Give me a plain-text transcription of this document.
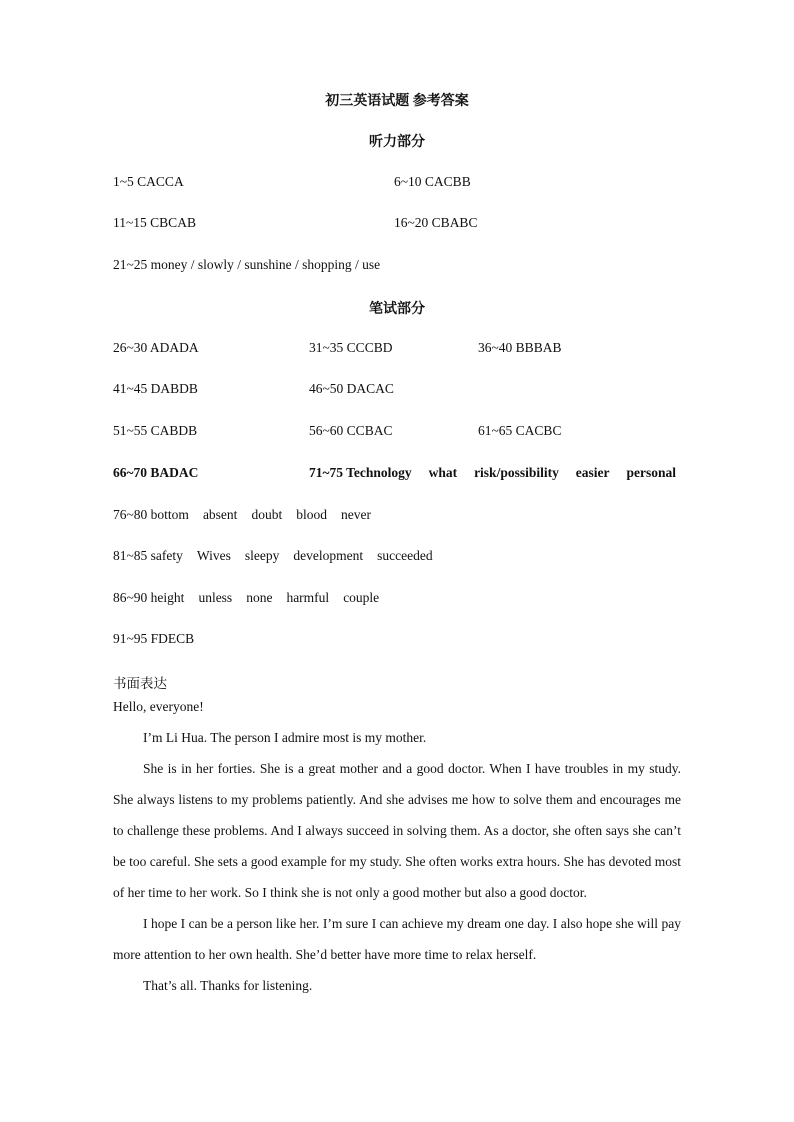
初三英语试题 参考答案
听力部分
1~5 CACCA	6~10 CACBB
11~15 CBCAB	16~20 CBABC
21~25 money / slowly / sunshine / shopping / use
笔试部分
26~30 ADADA	31~35 CCCBD	36~40 BBBAB
41~45 DABDB	46~50 DACAC
51~55 CABDB	56~60 CCBAC	61~65 CACBC
66~70 BADAC	71~75 Technology what risk/possibility easier personal
76~80 bottom absent doubt blood never
81~85 safety Wives sleepy development succeeded
86~90 height unless none harmful couple
91~95 FDECB
书面表达
Hello, everyone!

I’m Li Hua. The person I admire most is my mother.

She is in her forties. She is a great mother and a good doctor. When I have troubles in my study. She always listens to my problems patiently. And she advises me how to solve them and encourages me to challenge these problems. And I always succeed in solving them. As a doctor, she often says she can’t be too careful. She sets a good example for my study. She often works extra hours. She has devoted most of her time to her work. So I think she is not only a good mother but also a good doctor.

I hope I can be a person like her. I’m sure I can achieve my dream one day. I also hope she will pay more attention to her own health. She’d better have more time to relax herself.

That’s all. Thanks for listening.
